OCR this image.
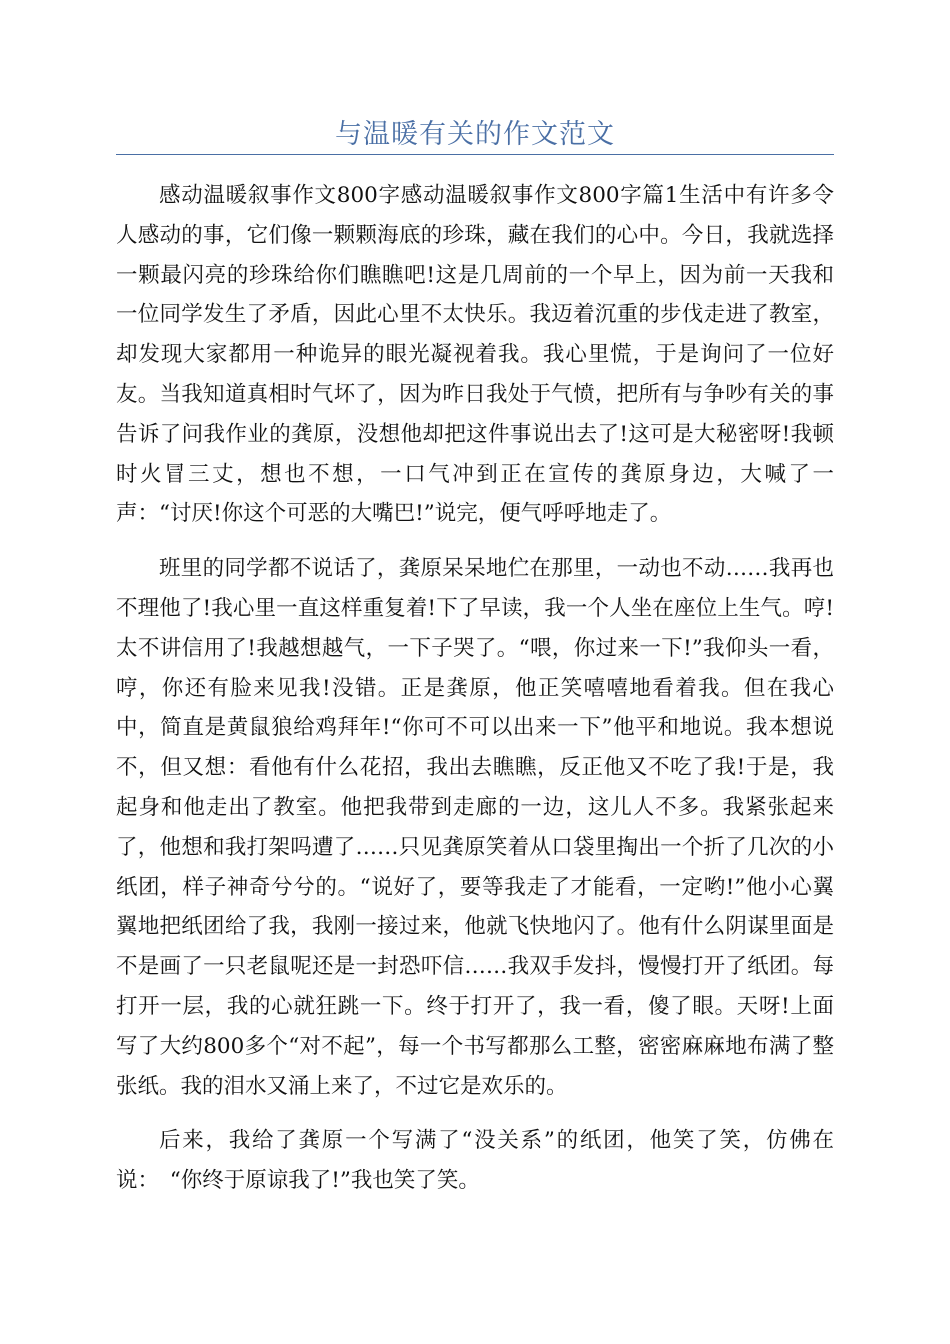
与温暖有关的作文范文

感动温暖叙事作文800字感动温暖叙事作文800字篇1生活中有许多令人感动的事，它们像一颗颗海底的珍珠，藏在我们的心中。今日，我就选择一颗最闪亮的珍珠给你们瞧瞧吧!这是几周前的一个早上，因为前一天我和一位同学发生了矛盾，因此心里不太快乐。我迈着沉重的步伐走进了教室，却发现大家都用一种诡异的眼光凝视着我。我心里慌，于是询问了一位好友。当我知道真相时气坏了，因为昨日我处于气愤，把所有与争吵有关的事告诉了问我作业的龚原，没想他却把这件事说出去了!这可是大秘密呀!我顿时火冒三丈，想也不想，一口气冲到正在宣传的龚原身边，大喊了一声：“讨厌!你这个可恶的大嘴巴!”说完，便气呼呼地走了。

班里的同学都不说话了，龚原呆呆地伫在那里，一动也不动……我再也不理他了!我心里一直这样重复着!下了早读，我一个人坐在座位上生气。哼!太不讲信用了!我越想越气，一下子哭了。“喂，你过来一下!”我仰头一看，哼，你还有脸来见我!没错。正是龚原，他正笑嘻嘻地看着我。但在我心中，简直是黄鼠狼给鸡拜年!“你可不可以出来一下”他平和地说。我本想说不，但又想：看他有什么花招，我出去瞧瞧，反正他又不吃了我!于是，我起身和他走出了教室。他把我带到走廊的一边，这儿人不多。我紧张起来了，他想和我打架吗遭了……只见龚原笑着从口袋里掏出一个折了几次的小纸团，样子神奇兮兮的。“说好了，要等我走了才能看，一定哟!”他小心翼翼地把纸团给了我，我刚一接过来，他就飞快地闪了。他有什么阴谋里面是不是画了一只老鼠呢还是一封恐吓信……我双手发抖，慢慢打开了纸团。每打开一层，我的心就狂跳一下。终于打开了，我一看，傻了眼。天呀!上面写了大约800多个“对不起”，每一个书写都那么工整，密密麻麻地布满了整张纸。我的泪水又涌上来了，不过它是欢乐的。

后来，我给了龚原一个写满了“没关系”的纸团，他笑了笑，仿佛在说：　“你终于原谅我了!”我也笑了笑。
